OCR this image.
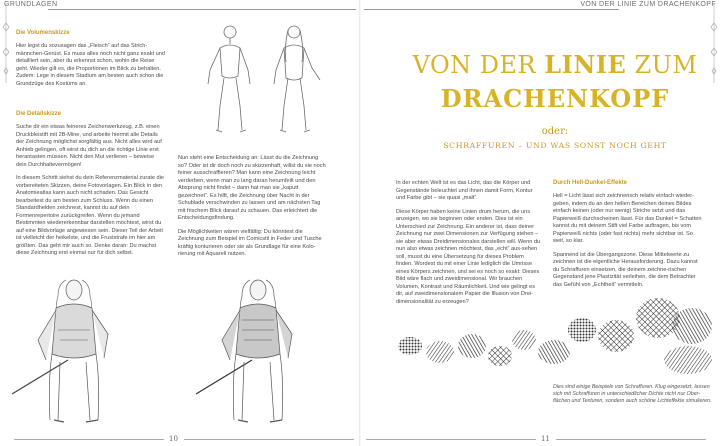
GRUNDLAGEN	VON DER LINIE ZUM DRACHENKOPF
Die Volumenskizze

Hier legst du sozusagen das „Fleisch“ auf das Strich-männchen-Gerüst. Es muss alles noch nicht ganz exakt und detailliert sein, aber du erkennst schon, wohin die Reise geht. Wieder gilt es, die Proportionen im Blick zu behalten. Zudem: Lege in diesem Stadium am besten auch schon die Grundzüge des Kostüms an.

Die Detailskizze

Suche dir ein etwas feineres Zeichenwerkzeug, z.B. einen Druckbleistift mit 2B-Mine, und arbeite hiermit alle Details der Zeichnung möglichst sorgfältig aus. Nicht alles wird auf Anhieb gelingen, oft wirst du dich an die richtige Linie erst herantasten müssen. Nicht den Mut verlieren – beweise dein Durchhaltevermögen!

In diesem Schritt siehst du dein Referenzmaterial zurate die vorbereiteten Skizzen, deine Fotovorlagen. Ein Blick in den Anatomieatlas kann auch nicht schaden. Das Gesicht bearbeitest du am besten zum Schluss. Wenn du einen Standardhelden zeichnest, kannst du auf dein Formenrepertoire zurückgreifen. Wenn du jemand Bestimmten wiedererkennbar darstellen möchtest, wirst du auf eine Bildvorlage angewiesen sein. Dieser Teil der Arbeit ist vielleicht der heikelste, und die Fruststrafe im hier am größten. Das geht mir auch so. Denke daran: Du machst diese Zeichnung erst einmal nur für dich selbst.

Nun steht eine Entscheidung an: Lässt du die Zeichnung so? Oder ist dir doch noch zu skizzenhaft, willst du sie noch feiner ausschraffieren? Man kann eine Zeichnung leicht verderben, wenn man zu lang daran herumfeilt und den Absprung nicht findet – dann hat man sie „kaputt gezeichnet“. Es hilft, die Zeichnung über Nacht in der Schublade verschwinden zu lassen und am nächsten Tag mit frischem Blick darauf zu schauen. Das erleichtert die Entscheidungsfindung.

Die Möglichkeiten wären vielfältig: Du könntest die Zeichnung zum Beispiel im Comicstil in Feder und Tusche kräftig konturieren oder sie als Grundlage für eine Kolo-rierung mit Aquarell nutzen.

VON DER LINIE ZUM
DRACHENKOPF
oder:
SCHRAFFUREN – UND WAS SONST NOCH GEHT

In der echten Welt ist es das Licht, das die Körper und Gegenstände beleuchtet und ihnen damit Form, Kontur und Farbe gibt – sie quasi „malt“.

Diese Körper haben keine Linien drum herum, die uns anzeigen, wo sie beginnen oder enden. Dies ist ein Unterschied zur Zeichnung. Ein anderer ist, dass deiner Zeichnung nur zwei Dimensionen zur Verfügung stehen – sie aber etwas Dreidimensionales darstellen will. Wenn du nun also etwas zeichnen möchtest, das „echt“ aus-sehen soll, musst du eine Übersetzung für dieses Problem finden. Wordest du mit einer Linie lediglich die Umrisse eines Körpers zeichnen, und sei es noch so exakt: Dieses Bild wäre flach und zweidimensional. Wir brauchen Volumen, Kontrast und Räumlichkeit. Und wie gelingt es dir, auf zweidimensionalem Papier die Illusion von Drei-dimensionalität zu erzeugen?

Durch Hell-Dunkel-Effekte

Hell = Licht lässt sich zeichnerisch relativ einfach wieder-geben, indem du an den hellen Bereichen deines Bildes einfach keinen (oder nur wenig) Striche setzt und das Papierweiß durchscheinen lässt. Für das Dunkel = Schatten kannst du mit deinem Stift viel Farbe auftragen, bis vom Papierweiß nichts (oder fast nichts) mehr sichtbar ist. So weit, so klar.

Spannend ist die Übergangszone. Diese Mittelwerte zu zeichnen ist die eigentliche Herausforderung. Dazu kannst du Schraffuren einsetzen, die deinem zeichne-rischen Gegenstand jene Plastizität verleihen, die dem Betrachter das Gefühl von „Echtheit“ vermitteln.

Dies sind einige Beispiele von Schraffuren. Klug eingesetzt, lassen sich mit Schraffuren in unterschiedlicher Dichte nicht nur Ober-flächen und Texturen, sondern auch schöne Lichteffekte simulieren.
10	11
